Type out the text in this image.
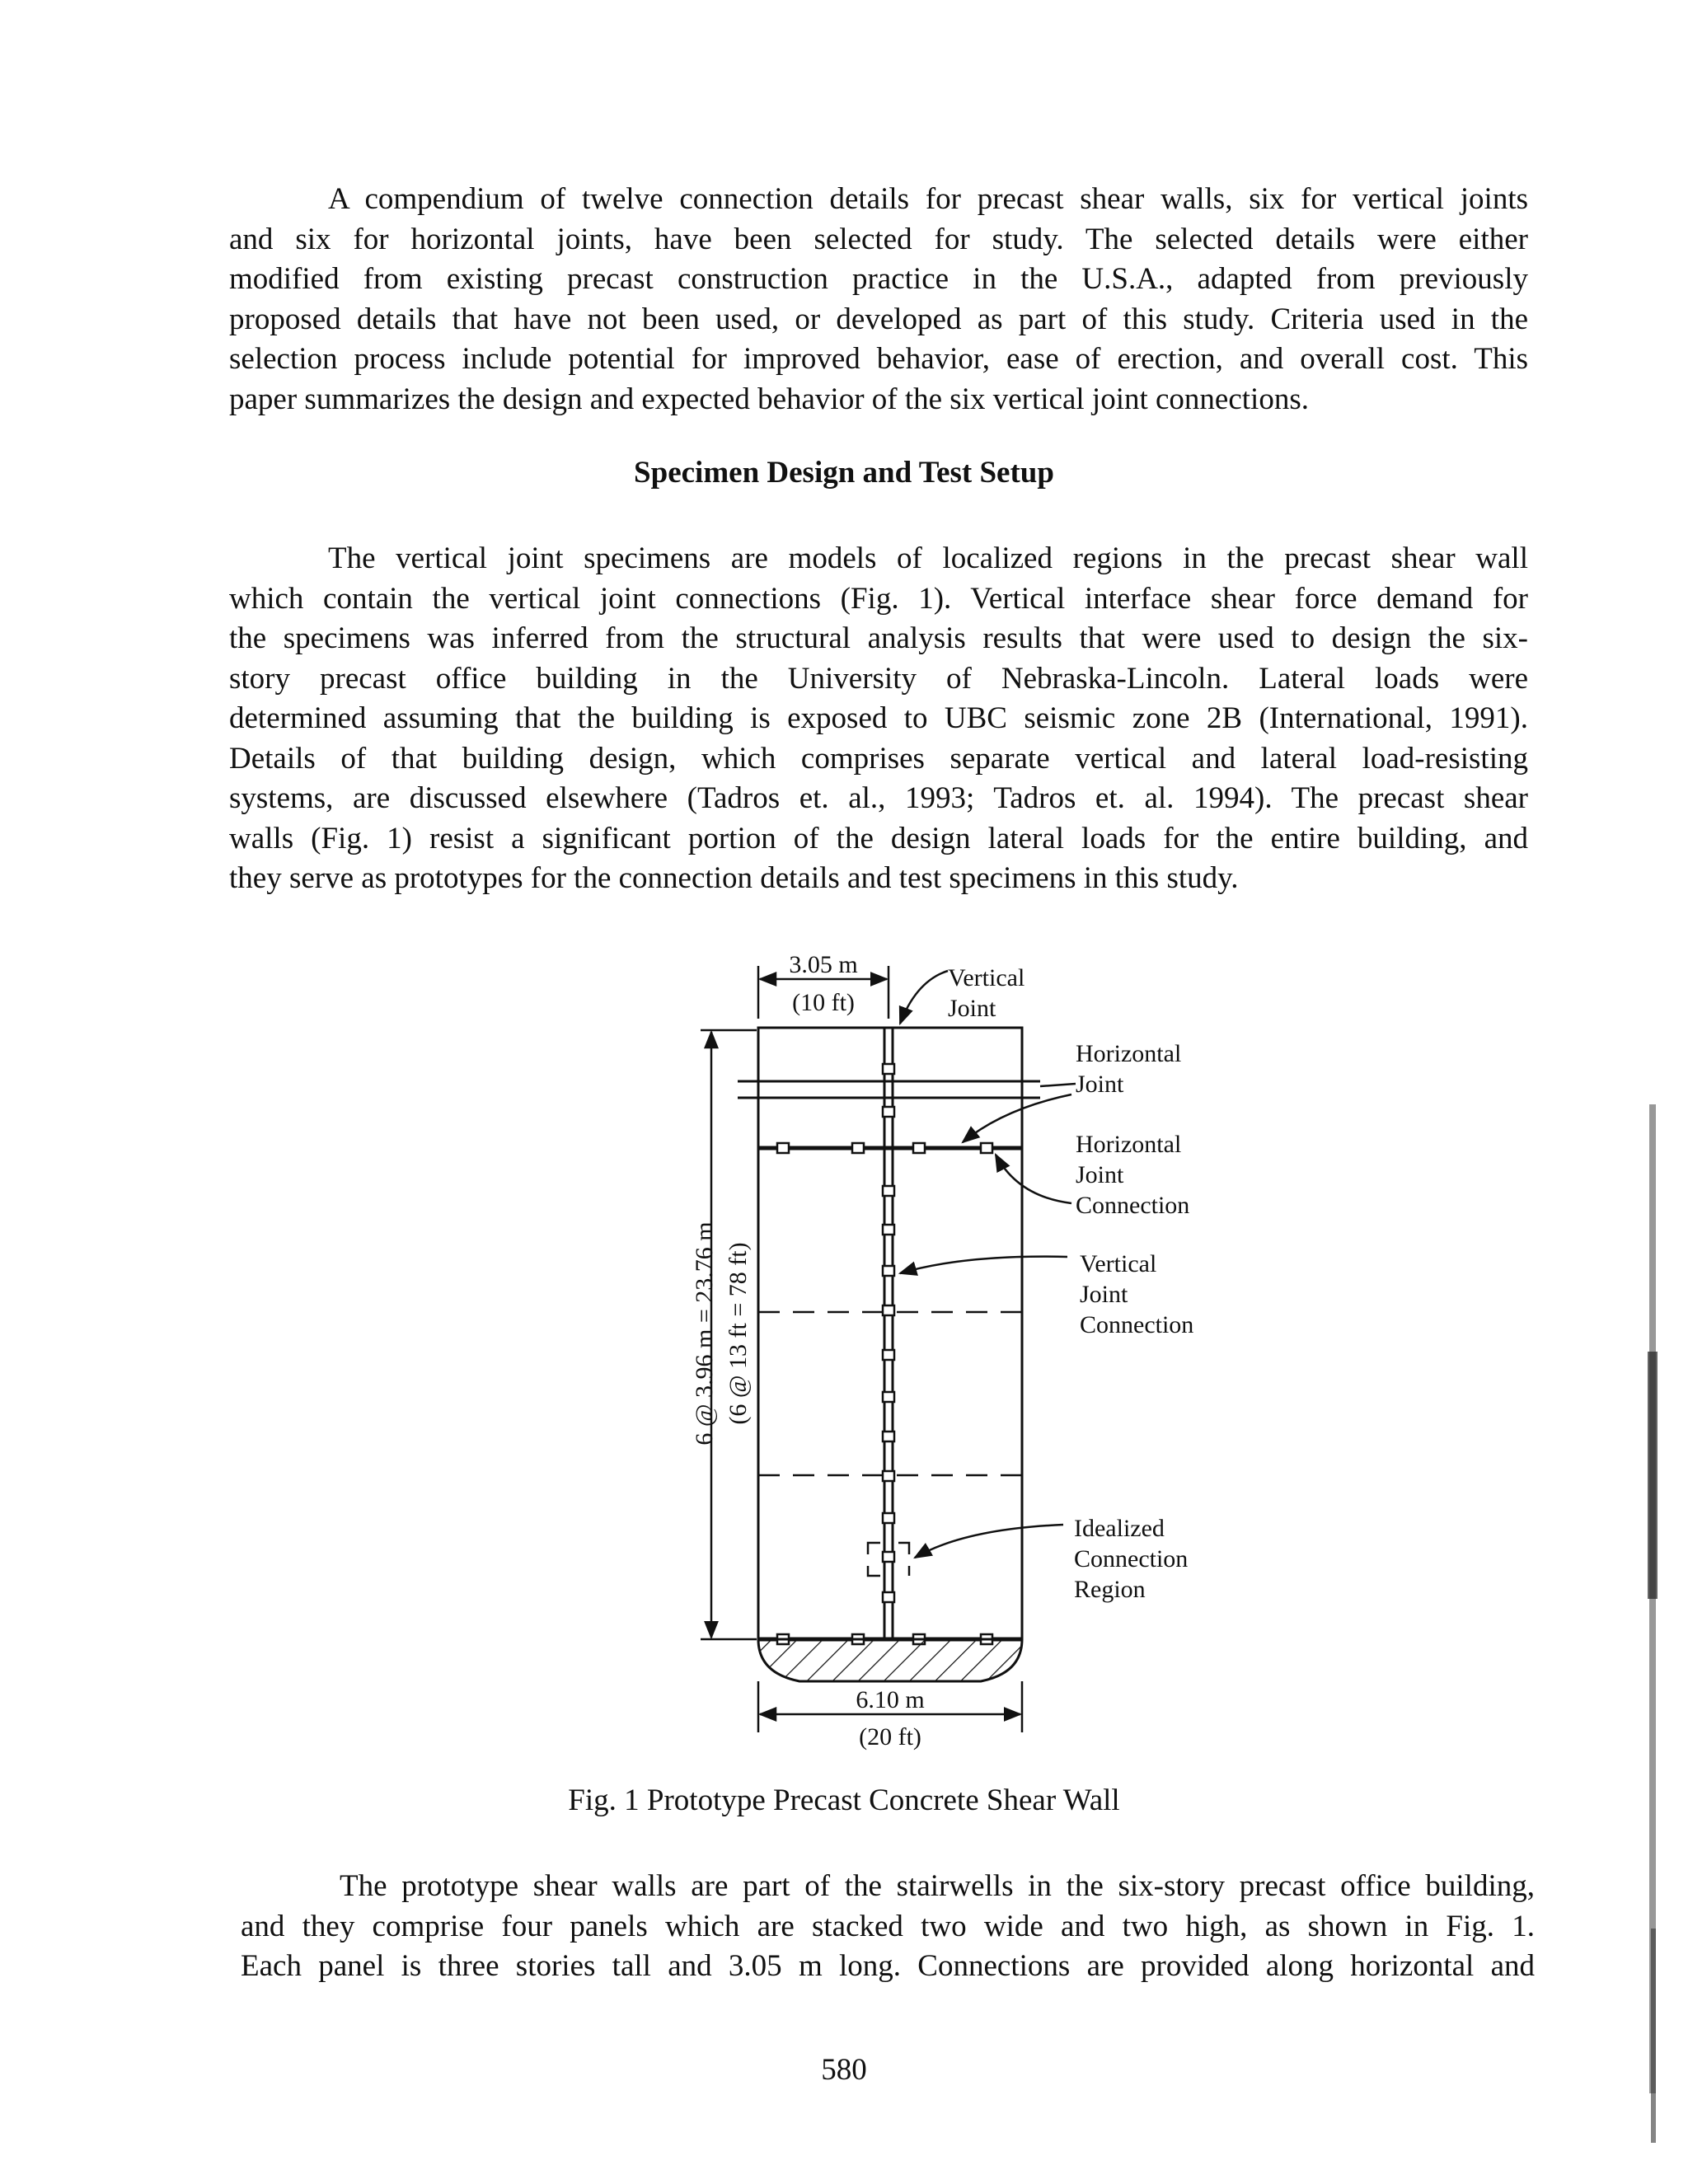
A compendium of twelve connection details for precast shear walls, six for vertical joints
and six for horizontal joints, have been selected for study. The selected details were either
modified from existing precast construction practice in the U.S.A., adapted from previously
proposed details that have not been used, or developed as part of this study. Criteria used in the
selection process include potential for improved behavior, ease of erection, and overall cost. This
paper summarizes the design and expected behavior of the six vertical joint connections.
Specimen Design and Test Setup
The vertical joint specimens are models of localized regions in the precast shear wall
which contain the vertical joint connections (Fig. 1). Vertical interface shear force demand for
the specimens was inferred from the structural analysis results that were used to design the six-
story precast office building in the University of Nebraska-Lincoln. Lateral loads were
determined assuming that the building is exposed to UBC seismic zone 2B (International, 1991).
Details of that building design, which comprises separate vertical and lateral load-resisting
systems, are discussed elsewhere (Tadros et. al., 1993; Tadros et. al. 1994). The precast shear
walls (Fig. 1) resist a significant portion of the design lateral loads for the entire building, and
they serve as prototypes for the connection details and test specimens in this study.
3.05 m
(10 ft)
Vertical Joint
6 @ 3.96 m = 23.76 m (6 @ 13 ft = 78 ft)
6.10 m
(20 ft)
Horizontal Joint
Horizontal Joint Connection
Vertical Joint Connection
Idealized Connection Region

Fig. 1 Prototype Precast Concrete Shear Wall

The prototype shear walls are part of the stairwells in the six-story precast office building,
and they comprise four panels which are stacked two wide and two high, as shown in Fig. 1.
Each panel is three stories tall and 3.05 m long. Connections are provided along horizontal and

580
